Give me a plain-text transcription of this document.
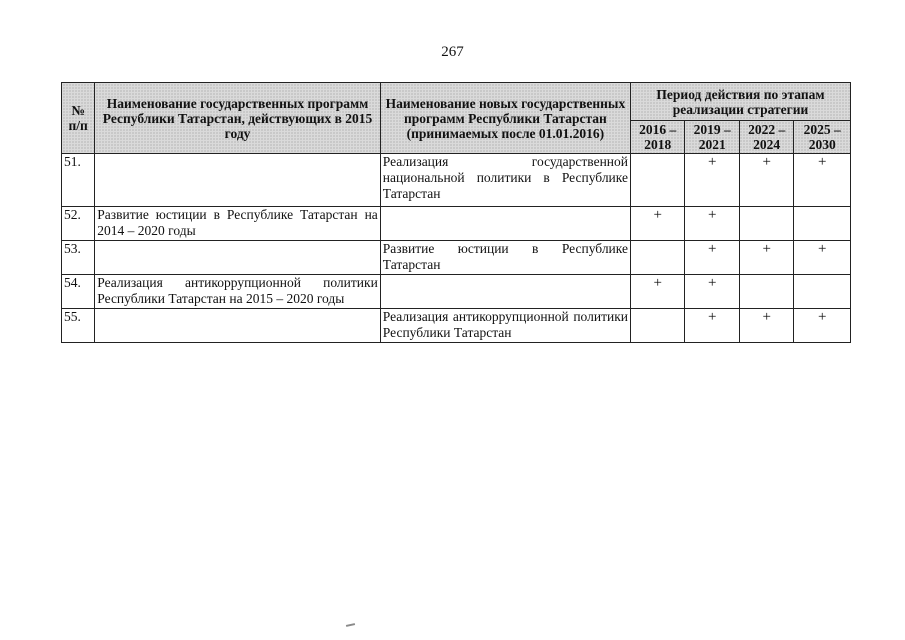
267
№ п/п	Наименование государственных программ Республики Татарстан, действующих в 2015 году	Наименование новых государственных программ Республики Татарстан (принимаемых после 01.01.2016)	Период действия по этапам реализации стратегии			
			2016 – 2018	2019 – 2021	2022 – 2024	2025 – 2030
51.		Реализация государственной национальной политики в Республике Татарстан		+	+	+
52.	Развитие юстиции в Республике Татарстан на 2014 – 2020 годы		+	+		
53.		Развитие юстиции в Республике Татарстан		+	+	+
54.	Реализация антикоррупционной политики Республики Татарстан на 2015 – 2020 годы		+	+		
55.		Реализация антикоррупционной политики Республики Татарстан		+	+	+
